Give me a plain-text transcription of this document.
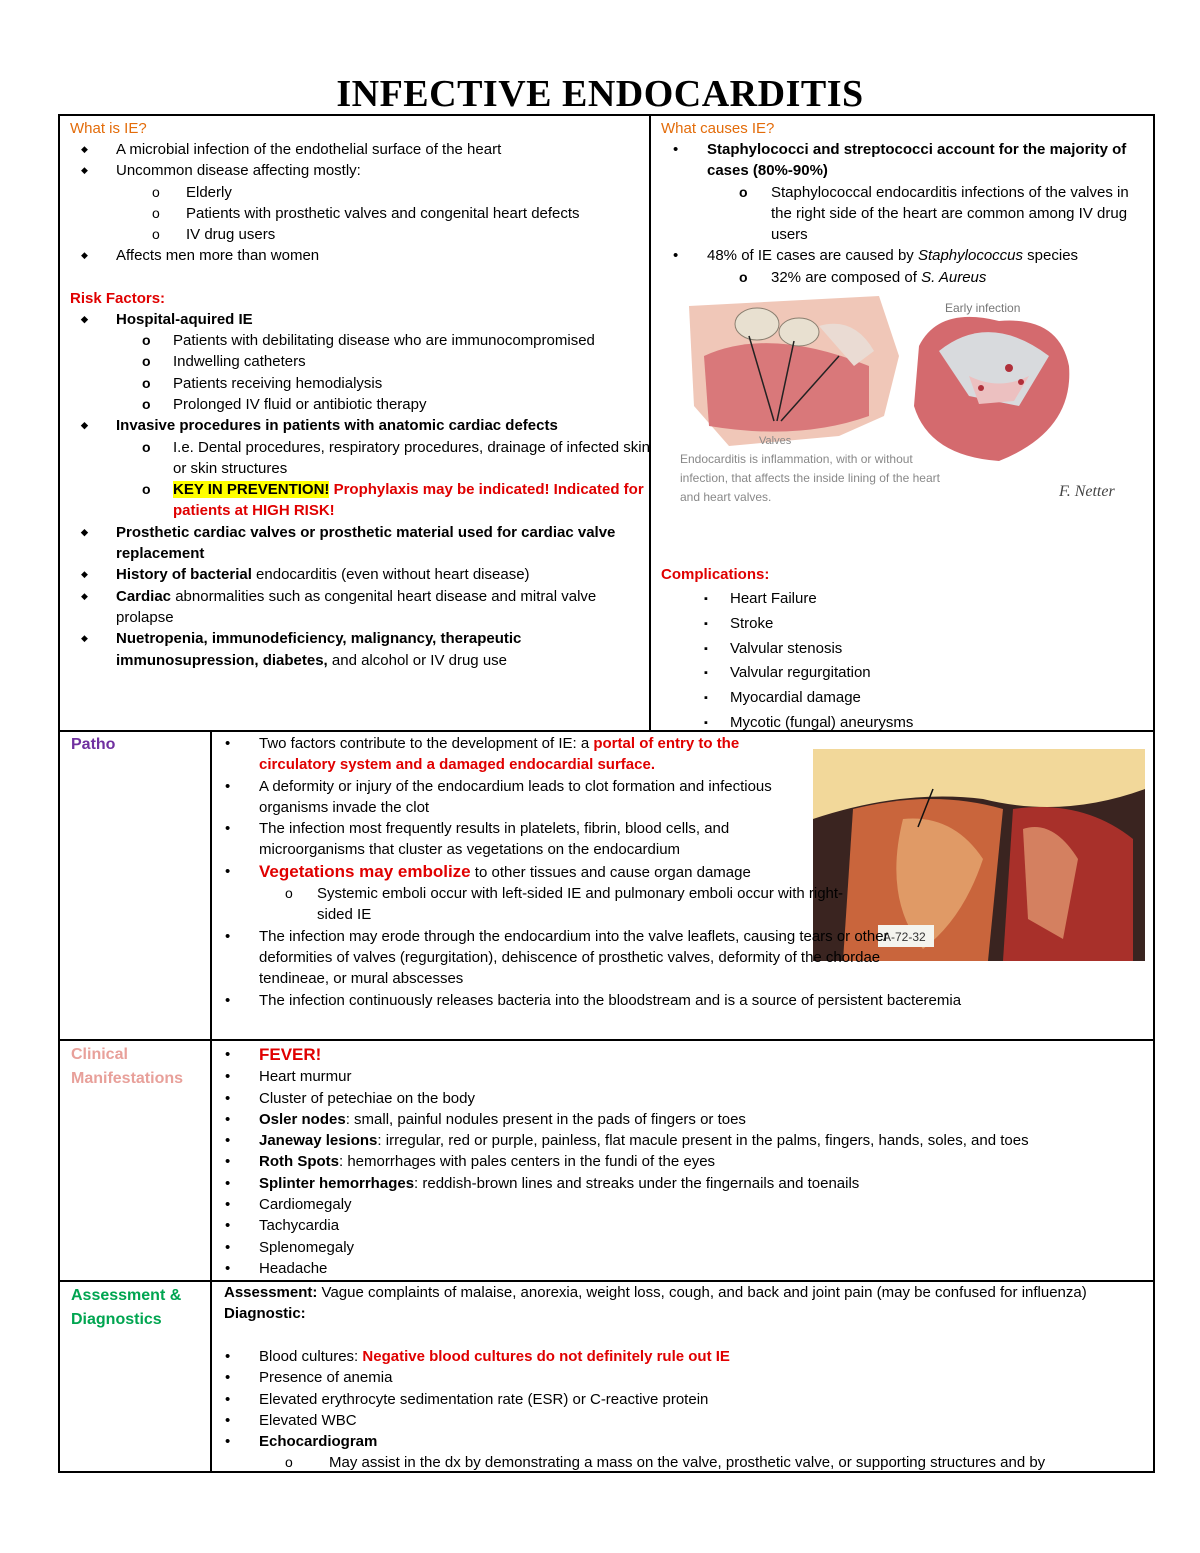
INFECTIVE ENDOCARDITIS
What is IE?
◆ A microbial infection of the endothelial surface of the heart
◆ Uncommon disease affecting mostly:
o Elderly
o Patients with prosthetic valves and congenital heart defects
o IV drug users
◆ Affects men more than women
Risk Factors:
◆ Hospital-aquired IE
o Patients with debilitating disease who are immunocompromised
o Indwelling catheters
o Patients receiving hemodialysis
o Prolonged IV fluid or antibiotic therapy
◆ Invasive procedures in patients with anatomic cardiac defects
o I.e. Dental procedures, respiratory procedures, drainage of infected skin or skin structures
o KEY IN PREVENTION! Prophylaxis may be indicated! Indicated for patients at HIGH RISK!
◆ Prosthetic cardiac valves or prosthetic material used for cardiac valve replacement
◆ History of bacterial endocarditis (even without heart disease)
◆ Cardiac abnormalities such as congenital heart disease and mitral valve prolapse
◆ Nuetropenia, immunodeficiency, malignancy, therapeutic immunosupression, diabetes, and alcohol or IV drug use
What causes IE?
• Staphylococci and streptococci account for the majority of cases (80%-90%)
o Staphylococcal endocarditis infections of the valves in the right side of the heart are common among IV drug users
• 48% of IE cases are caused by Staphylococcus species
o 32% are composed of S. Aureus
Early infection
Valves
F. Netter
Endocarditis is inflammation, with or without infection, that affects the inside lining of the heart and heart valves.
Complications:
▪ Heart Failure
▪ Stroke
▪ Valvular stenosis
▪ Valvular regurgitation
▪ Myocardial damage
▪ Mycotic (fungal) aneurysms
Patho
A-72-32
• Two factors contribute to the development of IE: a portal of entry to the circulatory system and a damaged endocardial surface.
• A deformity or injury of the endocardium leads to clot formation and infectious organisms invade the clot
• The infection most frequently results in platelets, fibrin, blood cells, and microorganisms that cluster as vegetations on the endocardium
• Vegetations may embolize to other tissues and cause organ damage
o Systemic emboli occur with left-sided IE and pulmonary emboli occur with right-sided IE
• The infection may erode through the endocardium into the valve leaflets, causing tears or other deformities of valves (regurgitation), dehiscence of prosthetic valves, deformity of the chordae tendineae, or mural abscesses
• The infection continuously releases bacteria into the bloodstream and is a source of persistent bacteremia
Clinical Manifestations
• FEVER!
• Heart murmur
• Cluster of petechiae on the body
• Osler nodes: small, painful nodules present in the pads of fingers or toes
• Janeway lesions: irregular, red or purple, painless, flat macule present in the palms, fingers, hands, soles, and toes
• Roth Spots: hemorrhages with pales centers in the fundi of the eyes
• Splinter hemorrhages: reddish-brown lines and streaks under the fingernails and toenails
• Cardiomegaly
• Tachycardia
• Splenomegaly
• Headache
Assessment & Diagnostics

Assessment: Vague complaints of malaise, anorexia, weight loss, cough, and back and joint pain (may be confused for influenza)

Diagnostic:

• Blood cultures: Negative blood cultures do not definitely rule out IE
• Presence of anemia
• Elevated erythrocyte sedimentation rate (ESR) or C-reactive protein
• Elevated WBC
• Echocardiogram
o May assist in the dx by demonstrating a mass on the valve, prosthetic valve, or supporting structures and by
